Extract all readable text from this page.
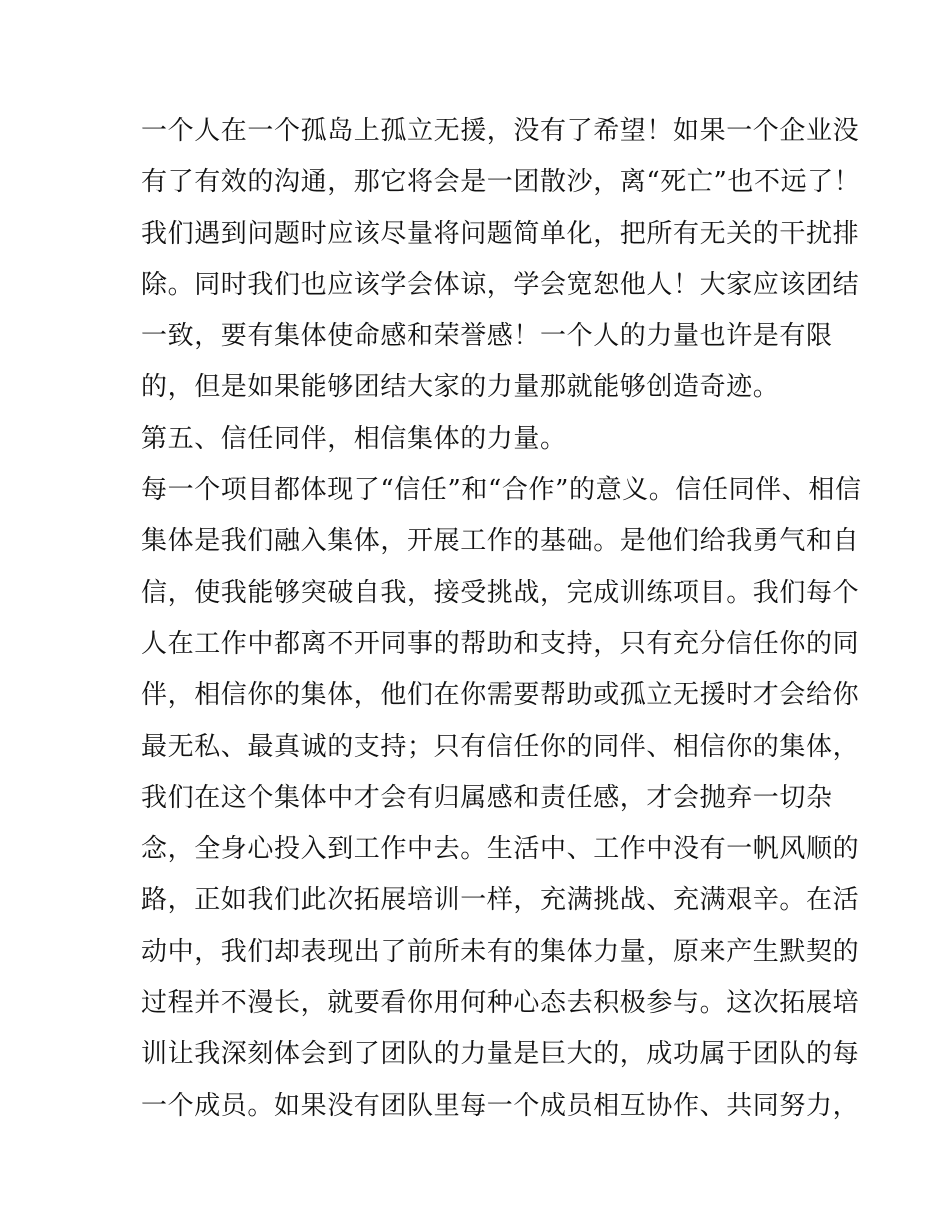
一个人在一个孤岛上孤立无援，没有了希望！如果一个企业没
有了有效的沟通，那它将会是一团散沙，离“死亡”也不远了！
我们遇到问题时应该尽量将问题简单化，把所有无关的干扰排
除。同时我们也应该学会体谅，学会宽恕他人！大家应该团结
一致，要有集体使命感和荣誉感！一个人的力量也许是有限
的，但是如果能够团结大家的力量那就能够创造奇迹。
第五、信任同伴，相信集体的力量。
每一个项目都体现了“信任”和“合作”的意义。信任同伴、相信
集体是我们融入集体，开展工作的基础。是他们给我勇气和自
信，使我能够突破自我，接受挑战，完成训练项目。我们每个
人在工作中都离不开同事的帮助和支持，只有充分信任你的同
伴，相信你的集体，他们在你需要帮助或孤立无援时才会给你
最无私、最真诚的支持；只有信任你的同伴、相信你的集体，
我们在这个集体中才会有归属感和责任感，才会抛弃一切杂
念，全身心投入到工作中去。生活中、工作中没有一帆风顺的
路，正如我们此次拓展培训一样，充满挑战、充满艰辛。在活
动中，我们却表现出了前所未有的集体力量，原来产生默契的
过程并不漫长，就要看你用何种心态去积极参与。这次拓展培
训让我深刻体会到了团队的力量是巨大的，成功属于团队的每
一个成员。如果没有团队里每一个成员相互协作、共同努力，
